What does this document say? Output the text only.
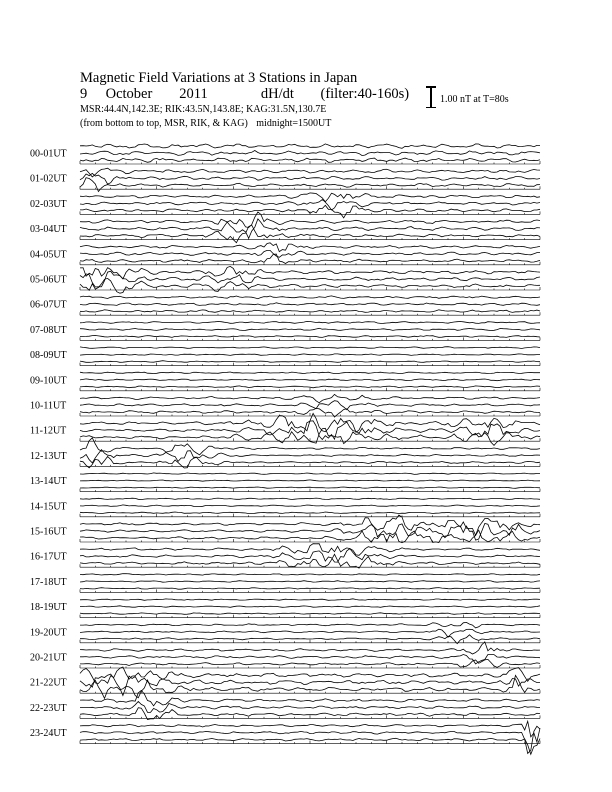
Magnetic Field Variations at 3 Stations in Japan
9 October 2011	dH/dt (filter:40-160s)
MSR:44.4N,142.3E; RIK:43.5N,143.8E; KAG:31.5N,130.7E
(from bottom to top, MSR, RIK, & KAG) midnight=1500UT
1.00 nT at T=80s
00-01UT
01-02UT
02-03UT
03-04UT
04-05UT
05-06UT
06-07UT
07-08UT
08-09UT
09-10UT
10-11UT
11-12UT
12-13UT
13-14UT
14-15UT
15-16UT
16-17UT
17-18UT
18-19UT
19-20UT
20-21UT
21-22UT
22-23UT
23-24UT
